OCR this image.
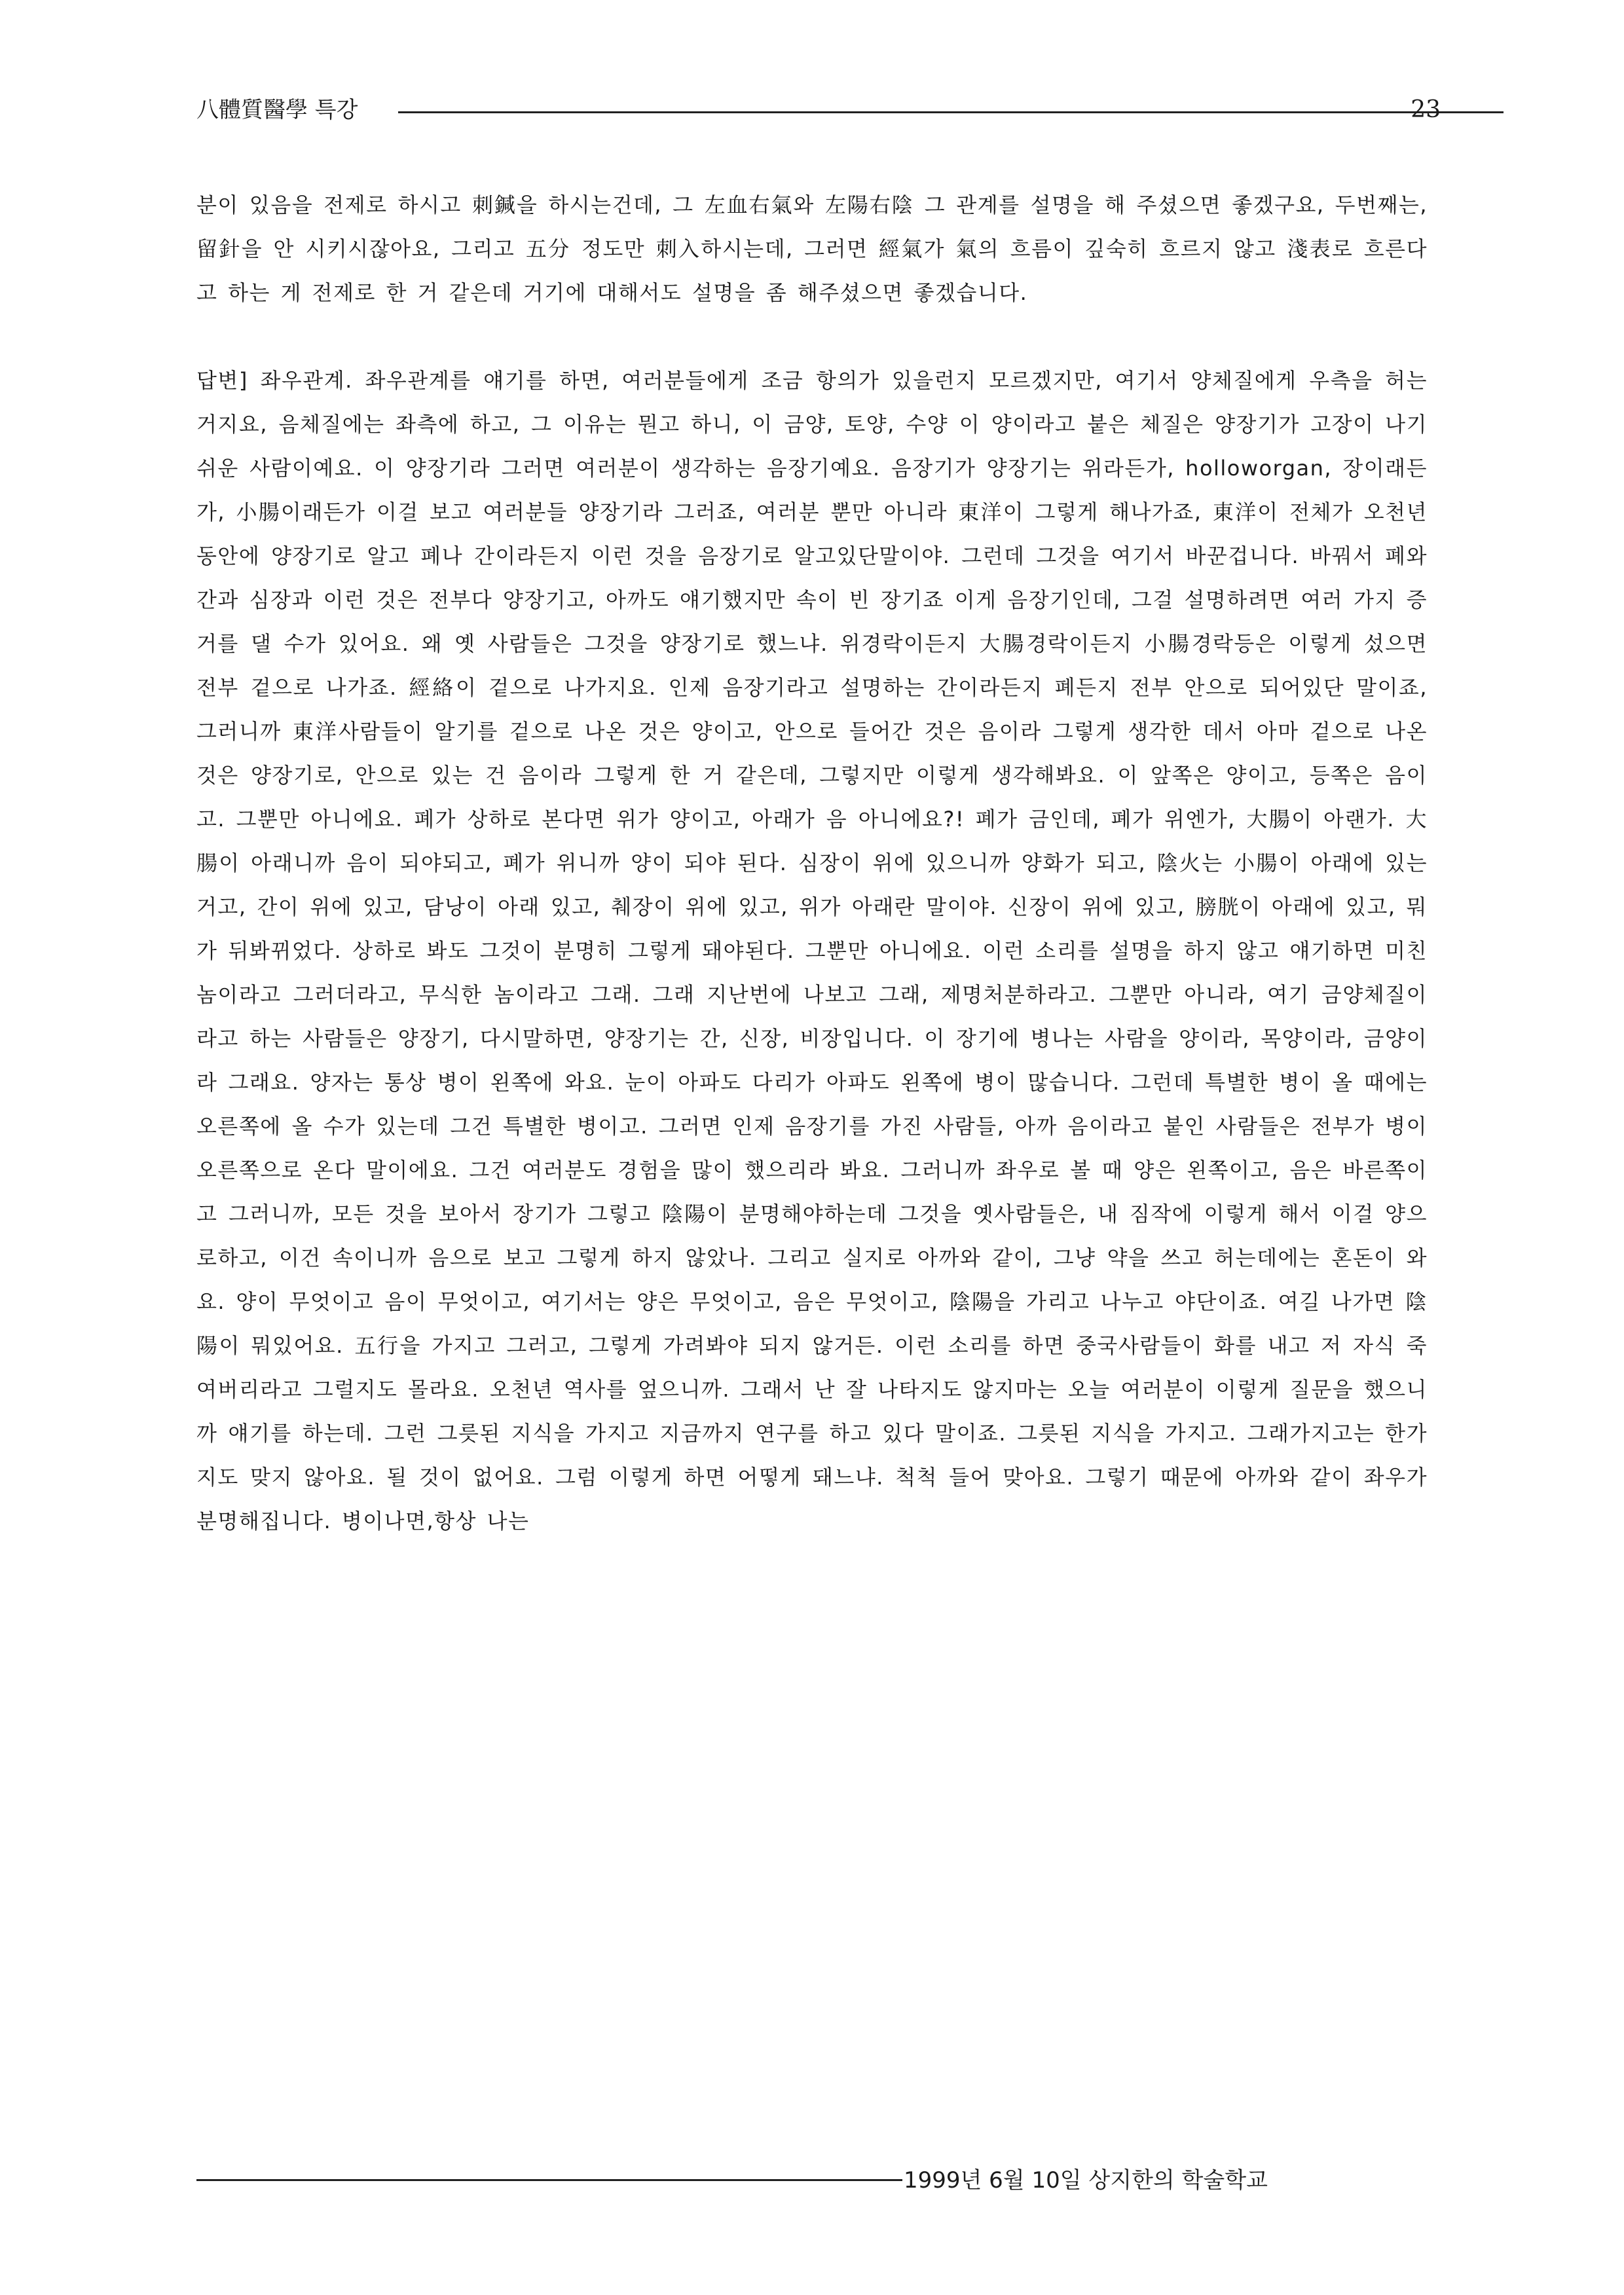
八體質醫學 특강	23

분이 있음을 전제로 하시고 刺鍼을 하시는건데, 그 左血右氣와 左陽右陰 그 관계를 설명을 해 주셨으면 좋겠구요, 두번째는, 留針을 안 시키시잖아요, 그리고 五分 정도만 刺入하시는데, 그러면 經氣가 氣의 흐름이 깊숙히 흐르지 않고 淺表로 흐른다고 하는 게 전제로 한 거 같은데 거기에 대해서도 설명을 좀 해주셨으면 좋겠습니다.

답변] 좌우관계. 좌우관계를 얘기를 하면, 여러분들에게 조금 항의가 있을런지 모르겠지만, 여기서 양체질에게 우측을 허는 거지요, 음체질에는 좌측에 하고, 그 이유는 뭔고 하니, 이 금양, 토양, 수양 이 양이라고 붙은 체질은 양장기가 고장이 나기 쉬운 사람이예요. 이 양장기라 그러면 여러분이 생각하는 음장기예요. 음장기가 양장기는 위라든가, holloworgan, 장이래든가, 小腸이래든가 이걸 보고 여러분들 양장기라 그러죠, 여러분 뿐만 아니라 東洋이 그렇게 해나가죠, 東洋이 전체가 오천년동안에 양장기로 알고 폐나 간이라든지 이런 것을 음장기로 알고있단말이야. 그런데 그것을 여기서 바꾼겁니다. 바꿔서 폐와 간과 심장과 이런 것은 전부다 양장기고, 아까도 얘기했지만 속이 빈 장기죠 이게 음장기인데, 그걸 설명하려면 여러 가지 증거를 댈 수가 있어요. 왜 옛 사람들은 그것을 양장기로 했느냐. 위경락이든지 大腸경락이든지 小腸경락등은 이렇게 섰으면 전부 겉으로 나가죠. 經絡이 겉으로 나가지요. 인제 음장기라고 설명하는 간이라든지 폐든지 전부 안으로 되어있단 말이죠, 그러니까 東洋사람들이 알기를 겉으로 나온 것은 양이고, 안으로 들어간 것은 음이라 그렇게 생각한 데서 아마 겉으로 나온 것은 양장기로, 안으로 있는 건 음이라 그렇게 한 거 같은데, 그렇지만 이렇게 생각해봐요. 이 앞쪽은 양이고, 등쪽은 음이고. 그뿐만 아니에요. 폐가 상하로 본다면 위가 양이고, 아래가 음 아니에요?! 폐가 금인데, 폐가 위엔가, 大腸이 아랜가. 大腸이 아래니까 음이 되야되고, 폐가 위니까 양이 되야 된다. 심장이 위에 있으니까 양화가 되고, 陰火는 小腸이 아래에 있는거고, 간이 위에 있고, 담낭이 아래 있고, 췌장이 위에 있고, 위가 아래란 말이야. 신장이 위에 있고, 膀胱이 아래에 있고, 뭐가 뒤봐뀌었다. 상하로 봐도 그것이 분명히 그렇게 돼야된다. 그뿐만 아니에요. 이런 소리를 설명을 하지 않고 얘기하면 미친놈이라고 그러더라고, 무식한 놈이라고 그래. 그래 지난번에 나보고 그래, 제명처분하라고. 그뿐만 아니라, 여기 금양체질이라고 하는 사람들은 양장기, 다시말하면, 양장기는 간, 신장, 비장입니다. 이 장기에 병나는 사람을 양이라, 목양이라, 금양이라 그래요. 양자는 통상 병이 왼쪽에 와요. 눈이 아파도 다리가 아파도 왼쪽에 병이 많습니다. 그런데 특별한 병이 올 때에는 오른쪽에 올 수가 있는데 그건 특별한 병이고. 그러면 인제 음장기를 가진 사람들, 아까 음이라고 붙인 사람들은 전부가 병이 오른쪽으로 온다 말이에요. 그건 여러분도 경험을 많이 했으리라 봐요. 그러니까 좌우로 볼 때 양은 왼쪽이고, 음은 바른쪽이고 그러니까, 모든 것을 보아서 장기가 그렇고 陰陽이 분명해야하는데 그것을 옛사람들은, 내 짐작에 이렇게 해서 이걸 양으로하고, 이건 속이니까 음으로 보고 그렇게 하지 않았나. 그리고 실지로 아까와 같이, 그냥 약을 쓰고 허는데에는 혼돈이 와요. 양이 무엇이고 음이 무엇이고, 여기서는 양은 무엇이고, 음은 무엇이고, 陰陽을 가리고 나누고 야단이죠. 여길 나가면 陰陽이 뭐있어요. 五行을 가지고 그러고, 그렇게 가려봐야 되지 않거든. 이런 소리를 하면 중국사람들이 화를 내고 저 자식 죽여버리라고 그럴지도 몰라요. 오천년 역사를 엎으니까. 그래서 난 잘 나타지도 않지마는 오늘 여러분이 이렇게 질문을 했으니까 얘기를 하는데. 그런 그릇된 지식을 가지고 지금까지 연구를 하고 있다 말이죠. 그릇된 지식을 가지고. 그래가지고는 한가지도 맞지 않아요. 될 것이 없어요. 그럼 이렇게 하면 어떻게 돼느냐. 척척 들어 맞아요. 그렇기 때문에 아까와 같이 좌우가 분명해집니다. 병이나면,항상 나는

1999년 6월 10일 상지한의 학술학교
